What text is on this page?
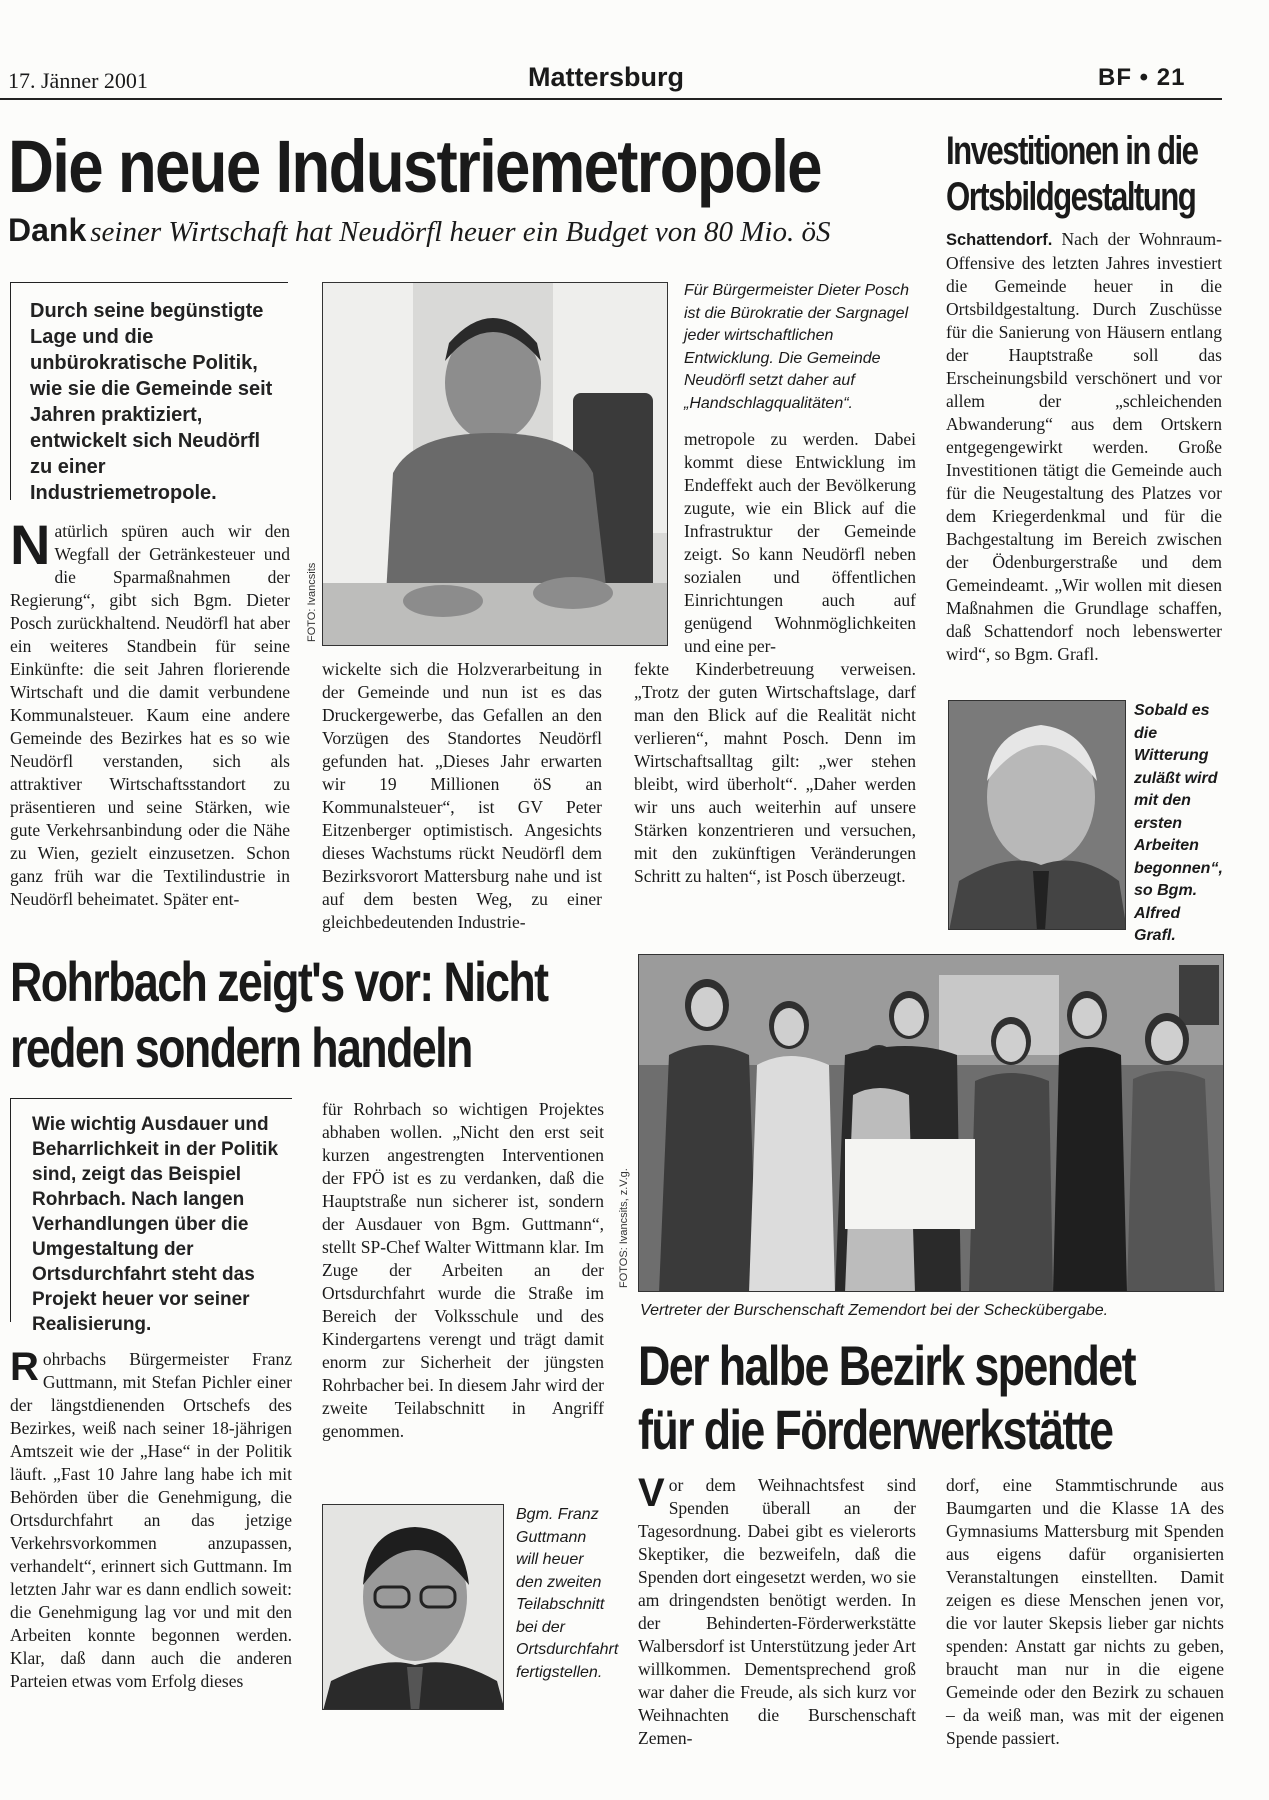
17. Jänner 2001	Mattersburg	BF • 21
Die neue Industriemetropole
Dank seiner Wirtschaft hat Neudörfl heuer ein Budget von 80 Mio. öS
Durch seine begünstigte Lage und die unbürokratische Politik, wie sie die Gemeinde seit Jahren praktiziert, entwickelt sich Neudörfl zu einer Industriemetropole.
Natürlich spüren auch wir den Wegfall der Getränkesteuer und die Sparmaßnahmen der Regierung“, gibt sich Bgm. Dieter Posch zurückhaltend. Neudörfl hat aber ein weiteres Standbein für seine Einkünfte: die seit Jahren florierende Wirtschaft und die damit verbundene Kommunalsteuer. Kaum eine andere Gemeinde des Bezirkes hat es so wie Neudörfl verstanden, sich als attraktiver Wirtschaftsstandort zu präsentieren und seine Stärken, wie gute Verkehrsanbindung oder die Nähe zu Wien, gezielt einzusetzen. Schon ganz früh war die Textilindustrie in Neudörfl beheimatet. Später ent-
FOTO: Ivancsits
wickelte sich die Holzverarbeitung in der Gemeinde und nun ist es das Druckergewerbe, das Gefallen an den Vorzügen des Standortes Neudörfl gefunden hat. „Dieses Jahr erwarten wir 19 Millionen öS an Kommunalsteuer“, ist GV Peter Eitzenberger optimistisch. Angesichts dieses Wachstums rückt Neudörfl dem Bezirksvorort Mattersburg nahe und ist auf dem besten Weg, zu einer gleichbedeutenden Industrie-
Für Bürgermeister Dieter Posch ist die Bürokratie der Sargnagel jeder wirtschaftlichen Entwicklung. Die Gemeinde Neudörfl setzt daher auf „Handschlagqualitäten“.
metropole zu werden. Dabei kommt diese Entwicklung im Endeffekt auch der Bevölkerung zugute, wie ein Blick auf die Infrastruktur der Gemeinde zeigt. So kann Neudörfl neben sozialen und öffentlichen Einrichtungen auch auf genügend Wohnmöglichkeiten und eine per-
fekte Kinderbetreuung verweisen. „Trotz der guten Wirtschaftslage, darf man den Blick auf die Realität nicht verlieren“, mahnt Posch. Denn im Wirtschaftsalltag gilt: „wer stehen bleibt, wird überholt“. „Daher werden wir uns auch weiterhin auf unsere Stärken konzentrieren und versuchen, mit den zukünftigen Veränderungen Schritt zu halten“, ist Posch überzeugt.
Investitionen in die Ortsbildgestaltung
Schattendorf. Nach der Wohnraum-Offensive des letzten Jahres investiert die Gemeinde heuer in die Ortsbildgestaltung. Durch Zuschüsse für die Sanierung von Häusern entlang der Hauptstraße soll das Erscheinungsbild verschönert und vor allem der „schleichenden Abwanderung“ aus dem Ortskern entgegengewirkt werden. Große Investitionen tätigt die Gemeinde auch für die Neugestaltung des Platzes vor dem Kriegerdenkmal und für die Bachgestaltung im Bereich zwischen der Ödenburgerstraße und dem Gemeindeamt. „Wir wollen mit diesen Maßnahmen die Grundlage schaffen, daß Schattendorf noch lebenswerter wird“, so Bgm. Grafl.
Sobald es die Witterung zuläßt wird mit den ersten Arbeiten begonnen“, so Bgm. Alfred Grafl.
Rohrbach zeigt's vor: Nicht
reden sondern handeln
Wie wichtig Ausdauer und Beharrlichkeit in der Politik sind, zeigt das Beispiel Rohrbach. Nach langen Verhandlungen über die Umgestaltung der Ortsdurchfahrt steht das Projekt heuer vor seiner Realisierung.
Rohrbachs Bürgermeister Franz Guttmann, mit Stefan Pichler einer der längstdienenden Ortschefs des Bezirkes, weiß nach seiner 18-jährigen Amtszeit wie der „Hase“ in der Politik läuft. „Fast 10 Jahre lang habe ich mit Behörden über die Genehmigung, die Ortsdurchfahrt an das jetzige Verkehrsvorkommen anzupassen, verhandelt“, erinnert sich Guttmann. Im letzten Jahr war es dann endlich soweit: die Genehmigung lag vor und mit den Arbeiten konnte begonnen werden. Klar, daß dann auch die anderen Parteien etwas vom Erfolg dieses
für Rohrbach so wichtigen Projektes abhaben wollen. „Nicht den erst seit kurzen angestrengten Interventionen der FPÖ ist es zu verdanken, daß die Hauptstraße nun sicherer ist, sondern der Ausdauer von Bgm. Guttmann“, stellt SP-Chef Walter Wittmann klar. Im Zuge der Arbeiten an der Ortsdurchfahrt wurde die Straße im Bereich der Volksschule und des Kindergartens verengt und trägt damit enorm zur Sicherheit der jüngsten Rohrbacher bei. In diesem Jahr wird der zweite Teilabschnitt in Angriff genommen.
Bgm. Franz Guttmann will heuer den zweiten Teilabschnitt bei der Ortsdurchfahrt fertigstellen.
FOTOS: Ivancsits, z.V.g.
Vertreter der Burschenschaft Zemendort bei der Scheckübergabe.
Der halbe Bezirk spendet
für die Förderwerkstätte
Vor dem Weihnachtsfest sind Spenden überall an der Tagesordnung. Dabei gibt es vielerorts Skeptiker, die bezweifeln, daß die Spenden dort eingesetzt werden, wo sie am dringendsten benötigt werden. In der Behinderten-Förderwerkstätte Walbersdorf ist Unterstützung jeder Art willkommen. Dementsprechend groß war daher die Freude, als sich kurz vor Weihnachten die Burschenschaft Zemen-
dorf, eine Stammtischrunde aus Baumgarten und die Klasse 1A des Gymnasiums Mattersburg mit Spenden aus eigens dafür organisierten Veranstaltungen einstellten. Damit zeigen es diese Menschen jenen vor, die vor lauter Skepsis lieber gar nichts spenden: Anstatt gar nichts zu geben, braucht man nur in die eigene Gemeinde oder den Bezirk zu schauen – da weiß man, was mit der eigenen Spende passiert.
